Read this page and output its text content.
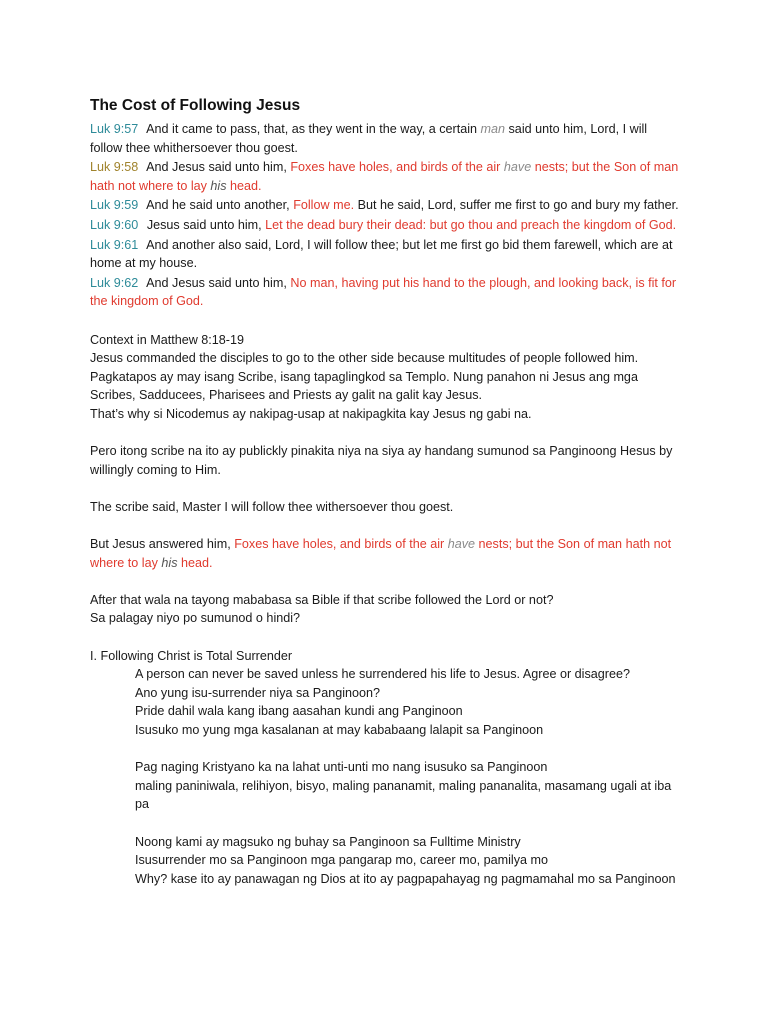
The Cost of Following Jesus

Luk 9:57 And it came to pass, that, as they went in the way, a certain man said unto him, Lord, I will follow thee whithersoever thou goest.

Luk 9:58 And Jesus said unto him, Foxes have holes, and birds of the air have nests; but the Son of man hath not where to lay his head.

Luk 9:59 And he said unto another, Follow me. But he said, Lord, suffer me first to go and bury my father.

Luk 9:60 Jesus said unto him, Let the dead bury their dead: but go thou and preach the kingdom of God.

Luk 9:61 And another also said, Lord, I will follow thee; but let me first go bid them farewell, which are at home at my house.

Luk 9:62 And Jesus said unto him, No man, having put his hand to the plough, and looking back, is fit for the kingdom of God.

Context in Matthew 8:18-19

Jesus commanded the disciples to go to the other side because multitudes of people followed him.

Pagkatapos ay may isang Scribe, isang tapaglingkod sa Templo. Nung panahon ni Jesus ang mga Scribes, Sadducees, Pharisees and Priests ay galit na galit kay Jesus.

That’s why si Nicodemus ay nakipag-usap at nakipagkita kay Jesus ng gabi na.

Pero itong scribe na ito ay publickly pinakita niya na siya ay handang sumunod sa Panginoong Hesus by willingly coming to Him.

The scribe said, Master I will follow thee withersoever thou goest.

But Jesus answered him, Foxes have holes, and birds of the air have nests; but the Son of man hath not where to lay his head.

After that wala na tayong mababasa sa Bible if that scribe followed the Lord or not?

Sa palagay niyo po sumunod o hindi?

I. Following Christ is Total Surrender

A person can never be saved unless he surrendered his life to Jesus. Agree or disagree?

Ano yung isu-surrender niya sa Panginoon?

Pride dahil wala kang ibang aasahan kundi ang Panginoon

Isusuko mo yung mga kasalanan at may kababaang lalapit sa Panginoon

Pag naging Kristyano ka na lahat unti-unti mo nang isusuko sa Panginoon

maling paniniwala, relihiyon, bisyo, maling pananamit, maling pananalita, masamang ugali at iba pa

Noong kami ay magsuko ng buhay sa Panginoon sa Fulltime Ministry

Isusurrender mo sa Panginoon mga pangarap mo, career mo, pamilya mo

Why? kase ito ay panawagan ng Dios at ito ay pagpapahayag ng pagmamahal mo sa Panginoon
